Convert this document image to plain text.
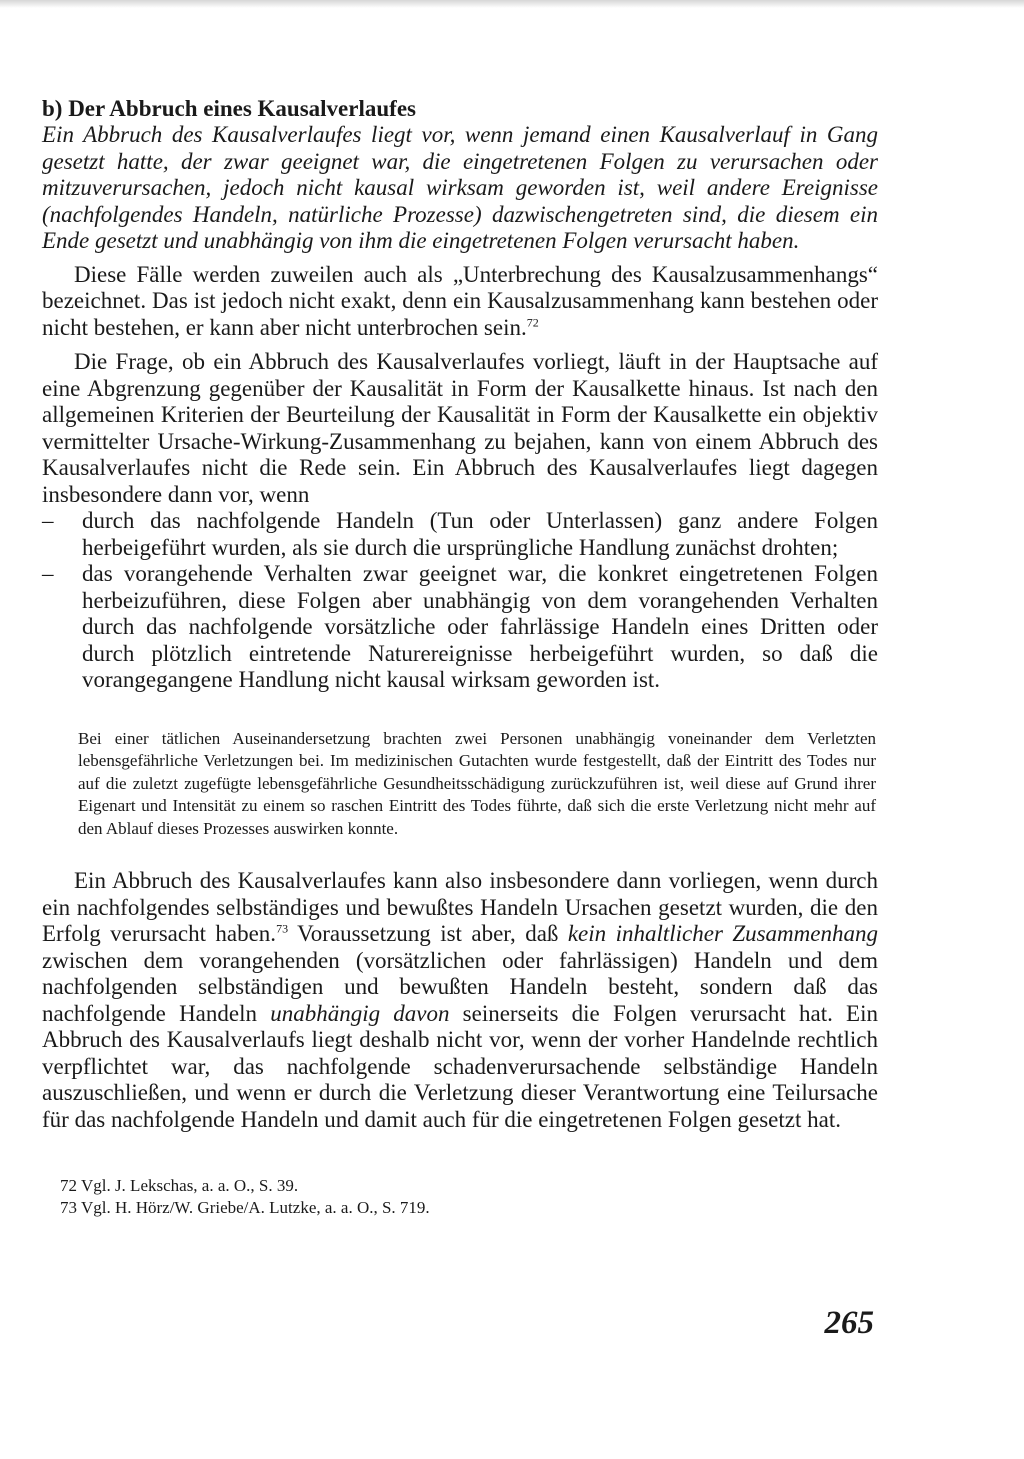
b) Der Abbruch eines Kausalverlaufes

Ein Abbruch des Kausalverlaufes liegt vor, wenn jemand einen Kausalverlauf in Gang gesetzt hatte, der zwar geeignet war, die eingetretenen Folgen zu verursachen oder mitzuverursachen, jedoch nicht kausal wirksam geworden ist, weil andere Ereignisse (nachfolgendes Handeln, natürliche Prozesse) dazwischengetreten sind, die diesem ein Ende gesetzt und unabhängig von ihm die eingetretenen Folgen verursacht haben.

Diese Fälle werden zuweilen auch als „Unterbrechung des Kausalzusammenhangs“ bezeichnet. Das ist jedoch nicht exakt, denn ein Kausalzusammenhang kann bestehen oder nicht bestehen, er kann aber nicht unterbrochen sein.$^{72}$

Die Frage, ob ein Abbruch des Kausalverlaufes vorliegt, läuft in der Hauptsache auf eine Abgrenzung gegenüber der Kausalität in Form der Kausalkette hinaus. Ist nach den allgemeinen Kriterien der Beurteilung der Kausalität in Form der Kausalkette ein objektiv vermittelter Ursache-Wirkung-Zusammenhang zu bejahen, kann von einem Abbruch des Kausalverlaufes nicht die Rede sein. Ein Abbruch des Kausalverlaufes liegt dagegen insbesondere dann vor, wenn

– durch das nachfolgende Handeln (Tun oder Unterlassen) ganz andere Folgen herbeigeführt wurden, als sie durch die ursprüngliche Handlung zunächst drohten;
– das vorangehende Verhalten zwar geeignet war, die konkret eingetretenen Folgen herbeizuführen, diese Folgen aber unabhängig von dem vorangehenden Verhalten durch das nachfolgende vorsätzliche oder fahrlässige Handeln eines Dritten oder durch plötzlich eintretende Naturereignisse herbeigeführt wurden, so daß die vorangegangene Handlung nicht kausal wirksam geworden ist.

Bei einer tätlichen Auseinandersetzung brachten zwei Personen unabhängig voneinander dem Verletzten lebensgefährliche Verletzungen bei. Im medizinischen Gutachten wurde festgestellt, daß der Eintritt des Todes nur auf die zuletzt zugefügte lebensgefährliche Gesundheitsschädigung zurückzuführen ist, weil diese auf Grund ihrer Eigenart und Intensität zu einem so raschen Eintritt des Todes führte, daß sich die erste Verletzung nicht mehr auf den Ablauf dieses Prozesses auswirken konnte.

Ein Abbruch des Kausalverlaufes kann also insbesondere dann vorliegen, wenn durch ein nachfolgendes selbständiges und bewußtes Handeln Ursachen gesetzt wurden, die den Erfolg verursacht haben.$^{73}$ Voraussetzung ist aber, daß kein inhaltlicher Zusammenhang zwischen dem vorangehenden (vorsätzlichen oder fahrlässigen) Handeln und dem nachfolgenden selbständigen und bewußten Handeln besteht, sondern daß das nachfolgende Handeln unabhängig davon seinerseits die Folgen verursacht hat. Ein Abbruch des Kausalverlaufs liegt deshalb nicht vor, wenn der vorher Handelnde rechtlich verpflichtet war, das nachfolgende schadenverursachende selbständige Handeln auszuschließen, und wenn er durch die Verletzung dieser Verantwortung eine Teilursache für das nachfolgende Handeln und damit auch für die eingetretenen Folgen gesetzt hat.

72 Vgl. J. Lekschas, a. a. O., S. 39.
73 Vgl. H. Hörz/W. Griebe/A. Lutzke, a. a. O., S. 719.
265
